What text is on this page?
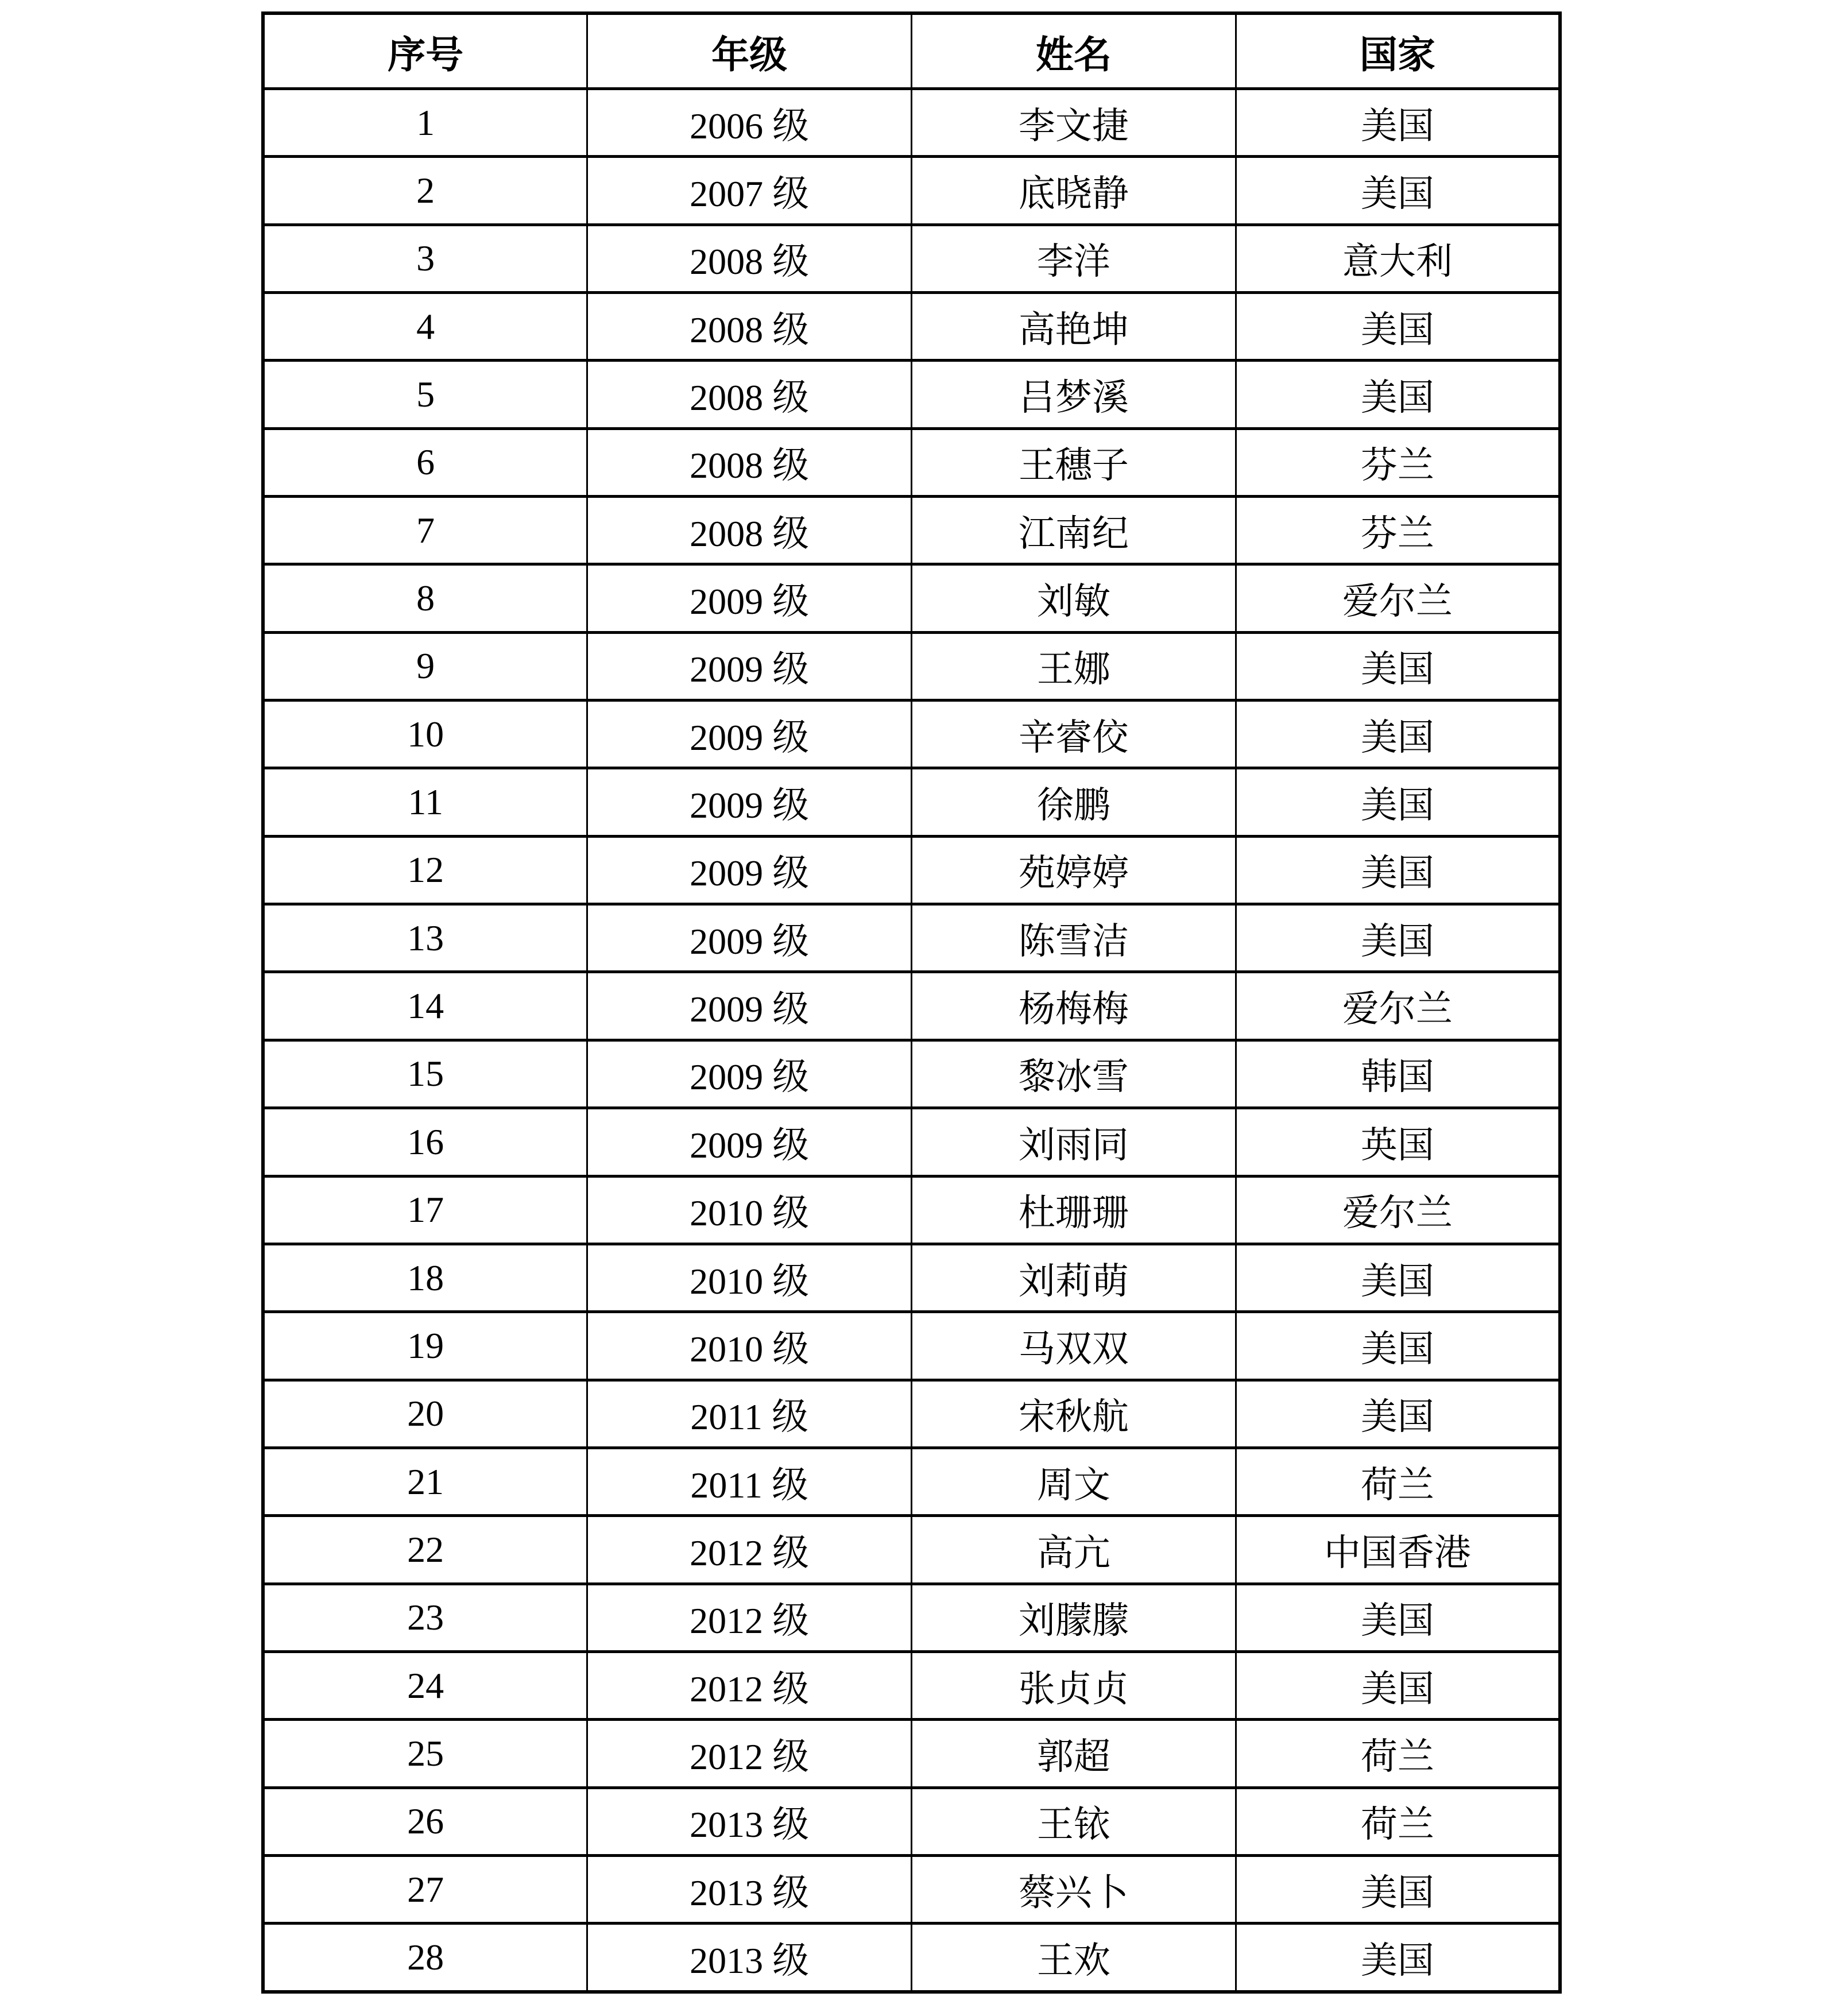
序号	年级	姓名	国家
1	2006 级	李文捷	美国
2	2007 级	底晓静	美国
3	2008 级	李洋	意大利
4	2008 级	高艳坤	美国
5	2008 级	吕梦溪	美国
6	2008 级	王穗子	芬兰
7	2008 级	江南纪	芬兰
8	2009 级	刘敏	爱尔兰
9	2009 级	王娜	美国
10	2009 级	辛睿佼	美国
11	2009 级	徐鹏	美国
12	2009 级	苑婷婷	美国
13	2009 级	陈雪洁	美国
14	2009 级	杨梅梅	爱尔兰
15	2009 级	黎冰雪	韩国
16	2009 级	刘雨同	英国
17	2010 级	杜珊珊	爱尔兰
18	2010 级	刘莉萌	美国
19	2010 级	马双双	美国
20	2011 级	宋秋航	美国
21	2011 级	周文	荷兰
22	2012 级	高亢	中国香港
23	2012 级	刘朦朦	美国
24	2012 级	张贞贞	美国
25	2012 级	郭超	荷兰
26	2013 级	王铱	荷兰
27	2013 级	蔡兴卜	美国
28	2013 级	王欢	美国
